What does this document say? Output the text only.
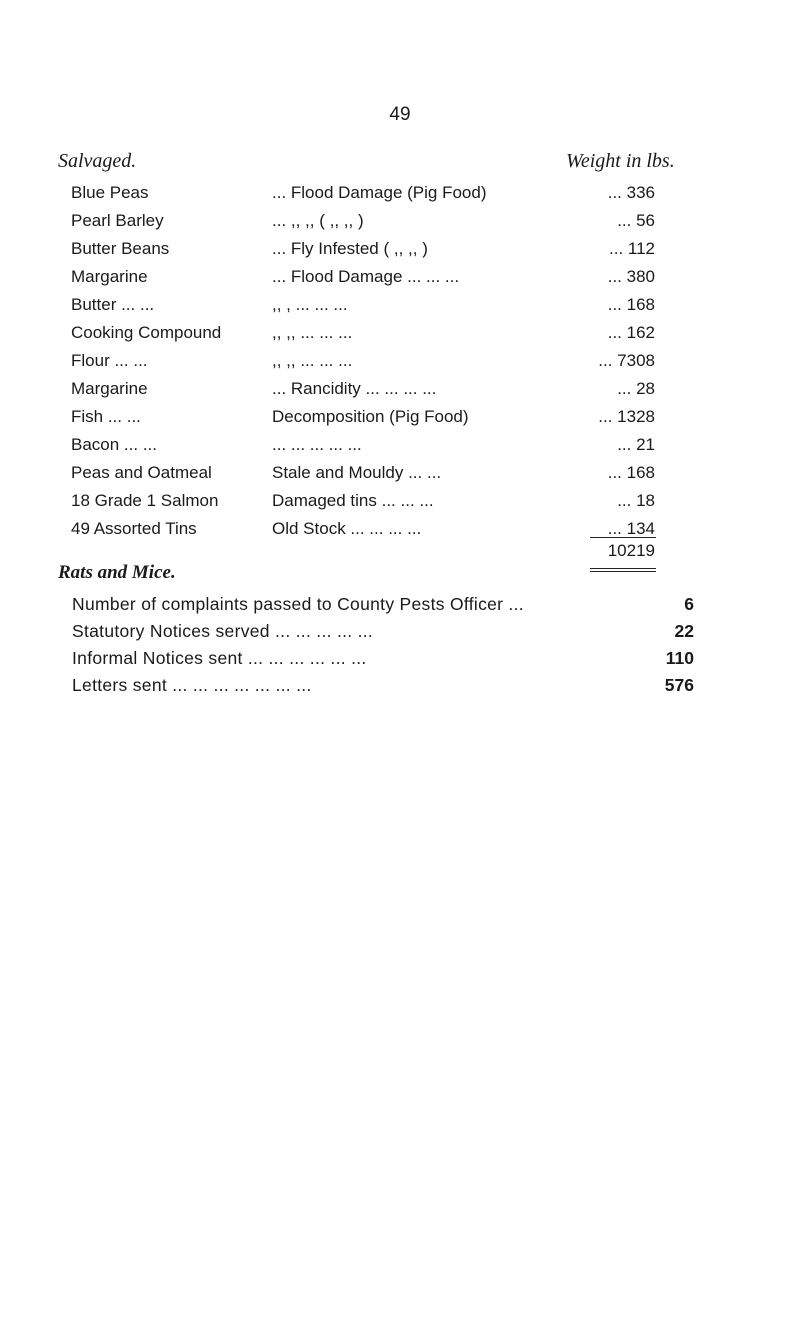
49
Salvaged.	Weight in lbs.
Blue Peas	... Flood Damage (Pig Food)	... 336
Pearl Barley	... ,, ,, ( ,, ,, )	... 56
Butter Beans	... Fly Infested ( ,, ,, )	... 112
Margarine	... Flood Damage ... ... ...	... 380
Butter ... ...	,, , ... ... ...	... 168
Cooking Compound	,, ,, ... ... ...	... 162
Flour ... ...	,, ,, ... ... ...	... 7308
Margarine	... Rancidity ... ... ... ...	... 28
Fish ... ...	Decomposition (Pig Food)	... 1328
Bacon ... ...	... ... ... ... ...	... 21
Peas and Oatmeal	Stale and Mouldy ... ...	... 168
18 Grade 1 Salmon	Damaged tins ... ... ...	... 18
49 Assorted Tins	Old Stock ... ... ... ...	... 134
10219
Rats and Mice.
Number of complaints passed to County Pests Officer ...	6
Statutory Notices served ... ... ... ... ...	22
Informal Notices sent ... ... ... ... ... ...	110
Letters sent ... ... ... ... ... ... ...	576
